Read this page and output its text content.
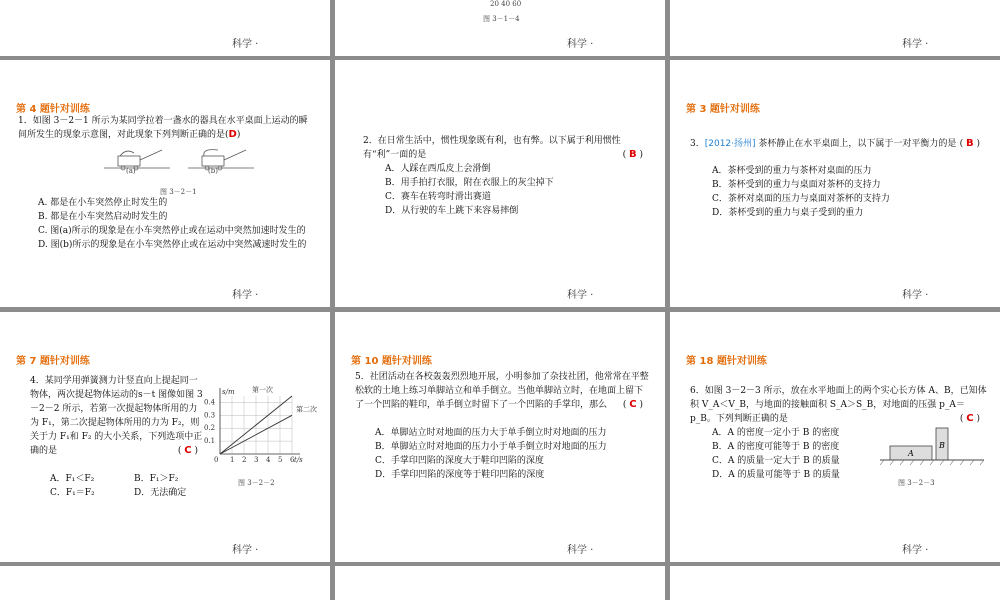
科学 ·
20 40 60
图 3－1－4
科学 ·	科学 ·
第 4 题针对训练
1．如图 3－2－1 所示为某同学拉着一盏水的器具在水平桌面上运动的瞬间所发生的现象示意图，对此现象下列判断正确的是(D)
(a)	(b)
图 3－2－1
A. 都是在小车突然停止时发生的
B. 都是在小车突然启动时发生的
C. 图(a)所示的现象是在小车突然停止或在运动中突然加速时发生的
D. 图(b)所示的现象是在小车突然停止或在运动中突然减速时发生的
科学 ·
2．在日常生活中，惯性现象既有利，也有弊。以下属于利用惯性有“利”一面的是	( B )
A．人踩在西瓜皮上会滑倒
B．用手拍打衣服，附在衣服上的灰尘掉下
C．赛车在转弯时滑出赛道
D．从行驶的车上跳下来容易摔倒
科学 ·
第 3 题针对训练
3．[2012·扬州] 茶杯静止在水平桌面上，以下属于一对平衡力的是 ( B )
A．茶杯受到的重力与茶杯对桌面的压力
B．茶杯受到的重力与桌面对茶杯的支持力
C．茶杯对桌面的压力与桌面对茶杯的支持力
D．茶杯受到的重力与桌子受到的重力
科学 ·
第 7 题针对训练
4．某同学用弹簧测力计竖直向上提起同一物体，两次提起物体运动的s－t 图像如图 3－2－2 所示，若第一次提起物体所用的力为 F₁，第二次提起物体所用的力为 F₂，则关于力 F₁和 F₂ 的大小关系，下列选项中正确的是	( C )
A．F₁＜F₂	B．F₁＞F₂
C．F₁＝F₂	D．无法确定
1 2 3 4 5 6
0.1
0.2
0.3
0.4
0
s/m
t/s
第一次
第二次
图 3－2－2
科学 ·
第 10 题针对训练
5．社团活动在各校轰轰烈烈地开展，小明参加了杂技社团，他常常在平整松软的土地上练习单脚站立和单手倒立。当他单脚站立时，在地面上留下了一个凹陷的鞋印，单手倒立时留下了一个凹陷的手掌印，那么 ( C )
A．单脚站立时对地面的压力大于单手倒立时对地面的压力
B．单脚站立时对地面的压力小于单手倒立时对地面的压力
C．手掌印凹陷的深度大于鞋印凹陷的深度
D．手掌印凹陷的深度等于鞋印凹陷的深度
科学 ·
第 18 题针对训练
6．如图 3－2－3 所示，放在水平地面上的两个实心长方体 A、B，已知体积 V_A＜V_B，与地面的接触面积 S_A＞S_B，对地面的压强 p_A＝p_B。下列判断正确的是	( C )
A．A 的密度一定小于 B 的密度
B．A 的密度可能等于 B 的密度
C．A 的质量一定大于 B 的质量
D．A 的质量可能等于 B 的质量
A
B
图 3－2－3
科学 ·
